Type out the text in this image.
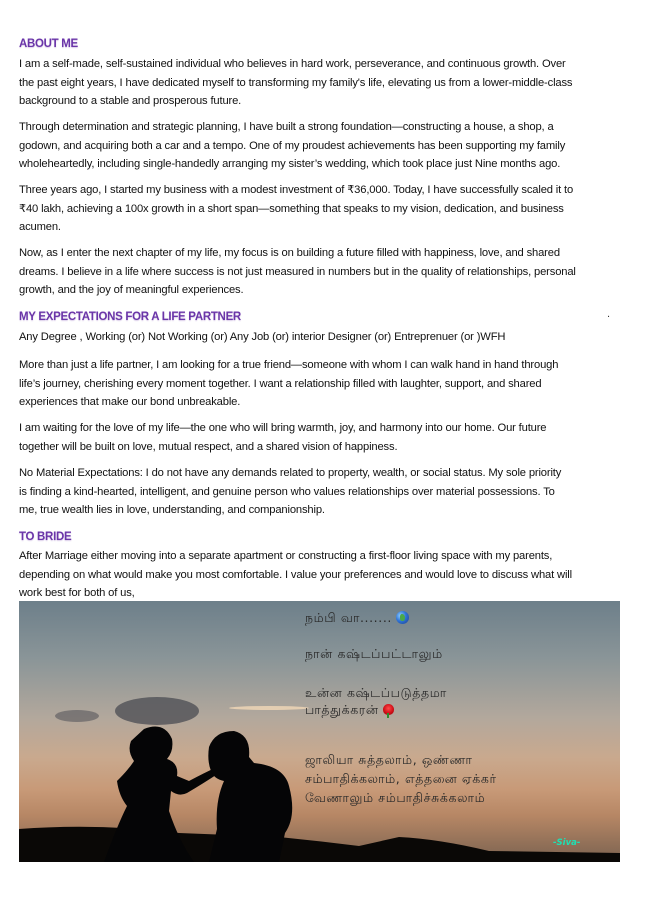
ABOUT ME
I am a self-made, self-sustained individual who believes in hard work, perseverance, and continuous growth. Over
the past eight years, I have dedicated myself to transforming my family's life, elevating us from a lower-middle-class
background to a stable and prosperous future.
Through determination and strategic planning, I have built a strong foundation—constructing a house, a shop, a
godown, and acquiring both a car and a tempo. One of my proudest achievements has been supporting my family
wholeheartedly, including single-handedly arranging my sister’s wedding, which took place just Nine months ago.
Three years ago, I started my business with a modest investment of ₹36,000. Today, I have successfully scaled it to
₹40 lakh, achieving a 100x growth in a short span—something that speaks to my vision, dedication, and business
acumen.
Now, as I enter the next chapter of my life, my focus is on building a future filled with happiness, love, and shared
dreams. I believe in a life where success is not just measured in numbers but in the quality of relationships, personal
growth, and the joy of meaningful experiences.
MY EXPECTATIONS FOR A LIFE PARTNER	.
Any Degree , Working (or) Not Working (or) Any Job (or) interior Designer (or) Entreprenuer (or )WFH
More than just a life partner, I am looking for a true friend—someone with whom I can walk hand in hand through
life’s journey, cherishing every moment together. I want a relationship filled with laughter, support, and shared
experiences that make our bond unbreakable.
I am waiting for the love of my life—the one who will bring warmth, joy, and harmony into our home. Our future
together will be built on love, mutual respect, and a shared vision of happiness.
No Material Expectations: I do not have any demands related to property, wealth, or social status. My sole priority
is finding a kind-hearted, intelligent, and genuine person who values relationships over material possessions. To
me, true wealth lies in love, understanding, and companionship.
TO BRIDE
After Marriage either moving into a separate apartment or constructing a first-floor living space with my parents,
depending on what would make you most comfortable. I value your preferences and would love to discuss what will
work best for both of us,
நம்பி வா.......
நான் கஷ்டப்பட்டாலும்
உன்ன கஷ்டப்படுத்தமா
பாத்துக்கரன்
ஜாலியா சுத்தலாம், ஒண்ணா
சம்பாதிக்கலாம், எத்தனை ஏக்கர்
வேணாலும் சம்பாதிச்சுக்கலாம்
-Siva-
